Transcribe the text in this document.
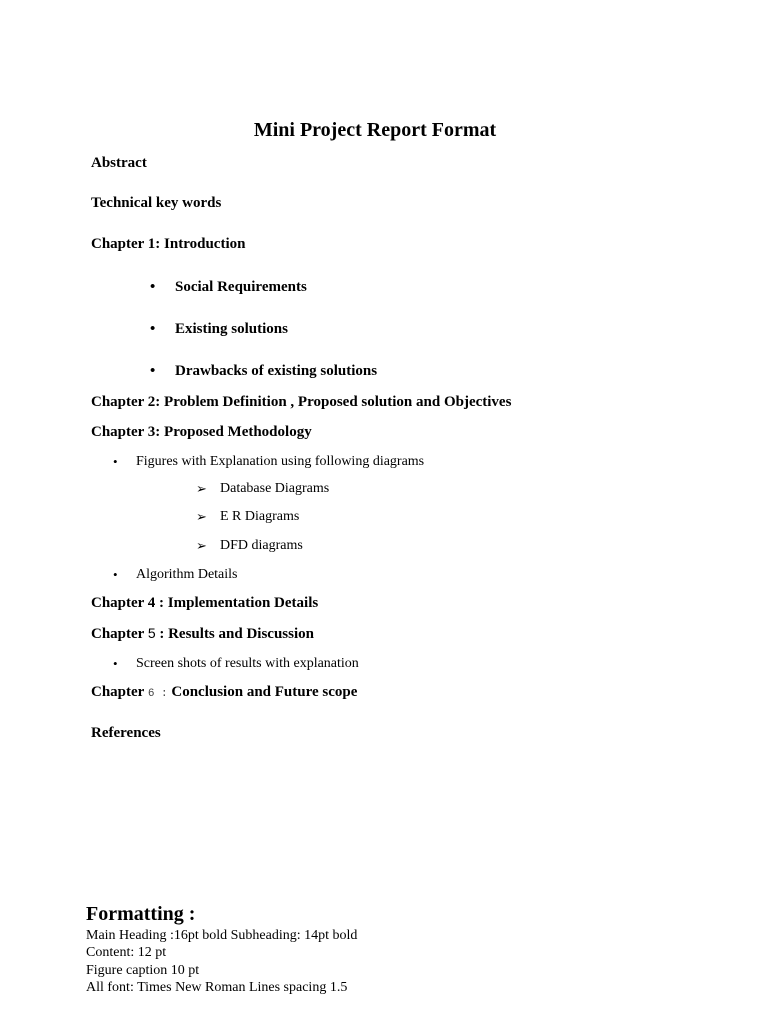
Mini Project Report Format
Abstract
Technical key words
Chapter 1: Introduction
• Social Requirements
• Existing solutions
• Drawbacks of existing solutions
Chapter 2: Problem Definition , Proposed solution and Objectives
Chapter 3: Proposed Methodology
• Figures with Explanation using following diagrams
➢ Database Diagrams
➢ E R Diagrams
➢ DFD diagrams
• Algorithm Details
Chapter 4 : Implementation Details
Chapter 5 : Results and Discussion
• Screen shots of results with explanation
Chapter 6 : Conclusion and Future scope
References
Formatting :
Main Heading :16pt bold Subheading: 14pt bold
Content: 12 pt
Figure caption 10 pt
All font: Times New Roman Lines spacing 1.5
